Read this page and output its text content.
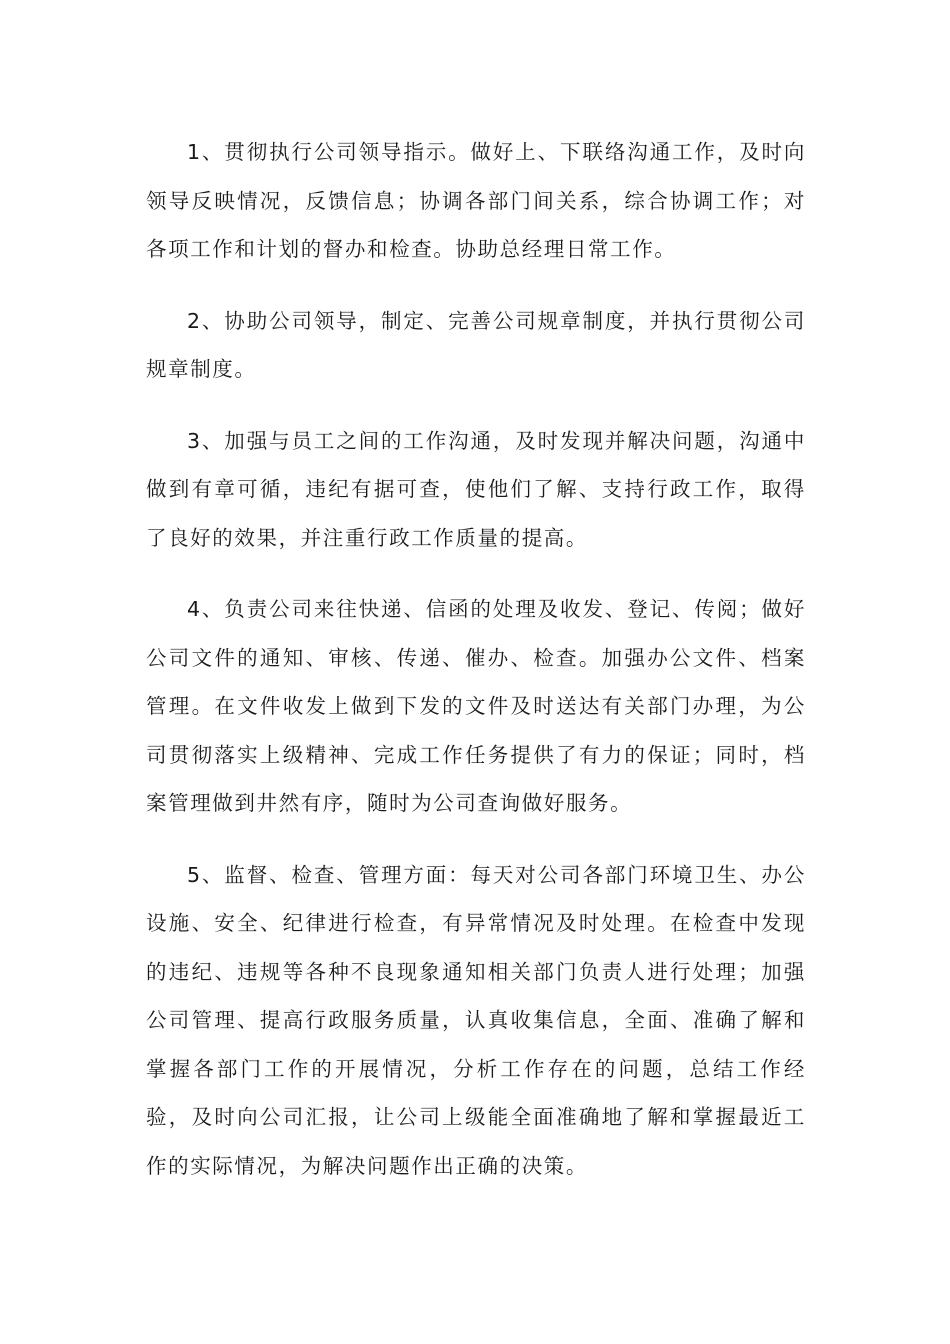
1、贯彻执行公司领导指示。做好上、下联络沟通工作，及时向领导反映情况，反馈信息；协调各部门间关系，综合协调工作；对各项工作和计划的督办和检查。协助总经理日常工作。

2、协助公司领导，制定、完善公司规章制度，并执行贯彻公司规章制度。

3、加强与员工之间的工作沟通，及时发现并解决问题，沟通中做到有章可循，违纪有据可查，使他们了解、支持行政工作，取得了良好的效果，并注重行政工作质量的提高。

4、负责公司来往快递、信函的处理及收发、登记、传阅；做好公司文件的通知、审核、传递、催办、检查。加强办公文件、档案管理。在文件收发上做到下发的文件及时送达有关部门办理，为公司贯彻落实上级精神、完成工作任务提供了有力的保证；同时，档案管理做到井然有序，随时为公司查询做好服务。

5、监督、检查、管理方面：每天对公司各部门环境卫生、办公设施、安全、纪律进行检查，有异常情况及时处理。在检查中发现的违纪、违规等各种不良现象通知相关部门负责人进行处理；加强公司管理、提高行政服务质量，认真收集信息，全面、准确了解和掌握各部门工作的开展情况，分析工作存在的问题，总结工作经验，及时向公司汇报，让公司上级能全面准确地了解和掌握最近工作的实际情况，为解决问题作出正确的决策。
